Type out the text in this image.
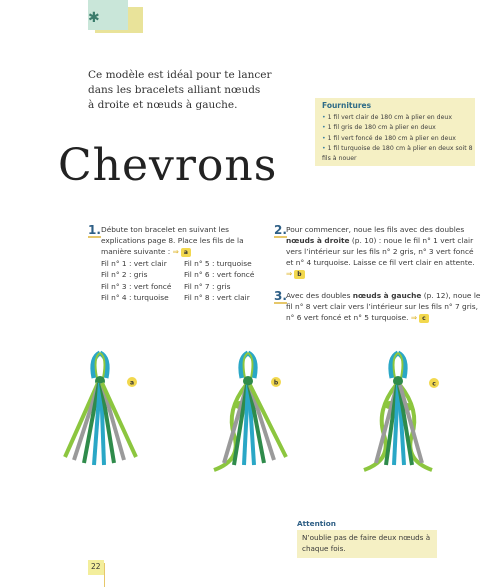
✱
Ce modèle est idéal pour te lancer
dans les bracelets alliant nœuds
à droite et nœuds à gauche.	Fournitures
• 1 fil vert clair de 180 cm à plier en deux
• 1 fil gris de 180 cm à plier en deux
• 1 fil vert foncé de 180 cm à plier en deux
• 1 fil turquoise de 180 cm à plier en deux soit 8 fils à nouer
Chevrons
1. Débute ton bracelet en suivant les explications page 8. Place les fils de la manière suivante : ⇒ a
Fil n° 1 : vert clair
Fil n° 2 : gris
Fil n° 3 : vert foncé
Fil n° 4 : turquoise
Fil n° 5 : turquoise
Fil n° 6 : vert foncé
Fil n° 7 : gris
Fil n° 8 : vert clair
2. Pour commencer, noue les fils avec des doubles nœuds à droite (p. 10) : noue le fil n° 1 vert clair vers l’intérieur sur les fils n° 2 gris, n° 3 vert foncé et n° 4 turquoise. Laisse ce fil vert clair en attente. ⇒ b
3. Avec des doubles nœuds à gauche (p. 12), noue le fil n° 8 vert clair vers l’intérieur sur les fils n° 7 gris, n° 6 vert foncé et n° 5 turquoise. ⇒ c
a	b	c
Attention
N’oublie pas de faire deux nœuds à chaque fois.
22
